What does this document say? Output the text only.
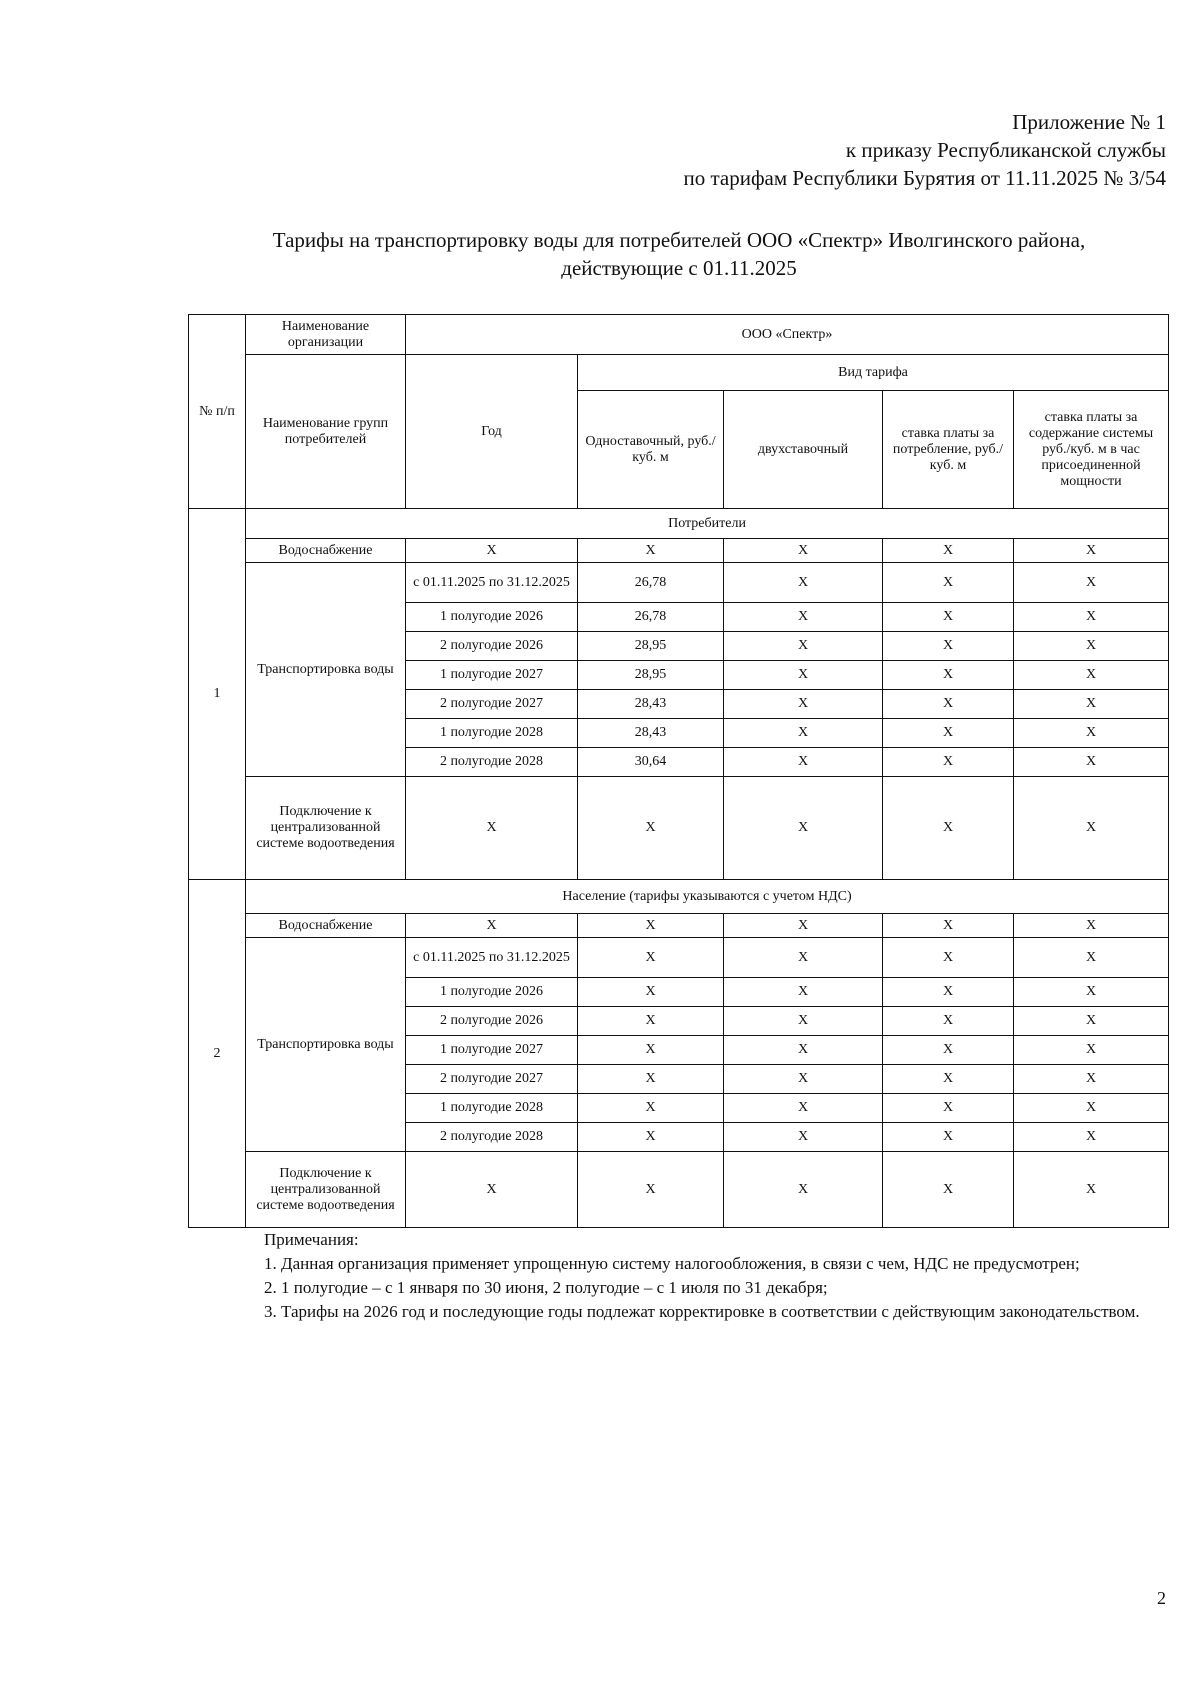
Приложение № 1
к приказу Республиканской службы
по тарифам Республики Бурятия от 11.11.2025 № 3/54
Тарифы на транспортировку воды для потребителей ООО «Спектр» Иволгинского района,
действующие с 01.11.2025
№ п/п	Наименование организации	ООО «Спектр»				
	Наименование групп потребителей	Год	Вид тарифа			
			Одноставочный, руб./ куб. м	двухставочный	ставка платы за потребление, руб./ куб. м	ставка платы за содержание системы руб./куб. м в час присоединенной мощности
1	Потребители					
	Водоснабжение	X	X	X	X	X
	Транспортировка воды	с 01.11.2025 по 31.12.2025	26,78	X	X	X
		1 полугодие 2026	26,78	X	X	X
		2 полугодие 2026	28,95	X	X	X
		1 полугодие 2027	28,95	X	X	X
		2 полугодие 2027	28,43	X	X	X
		1 полугодие 2028	28,43	X	X	X
		2 полугодие 2028	30,64	X	X	X
	Подключение к централизованной системе водоотведения	X	X	X	X	X
2	Население (тарифы указываются с учетом НДС)					
	Водоснабжение	X	X	X	X	X
	Транспортировка воды	с 01.11.2025 по 31.12.2025	X	X	X	X
		1 полугодие 2026	X	X	X	X
		2 полугодие 2026	X	X	X	X
		1 полугодие 2027	X	X	X	X
		2 полугодие 2027	X	X	X	X
		1 полугодие 2028	X	X	X	X
		2 полугодие 2028	X	X	X	X
	Подключение к централизованной системе водоотведения	X	X	X	X	X
Примечания:
1. Данная организация применяет упрощенную систему налогообложения, в связи с чем, НДС не предусмотрен;
2. 1 полугодие – с 1 января по 30 июня, 2 полугодие – с 1 июля по 31 декабря;
3. Тарифы на 2026 год и последующие годы подлежат корректировке в соответствии с действующим законодательством.
2
